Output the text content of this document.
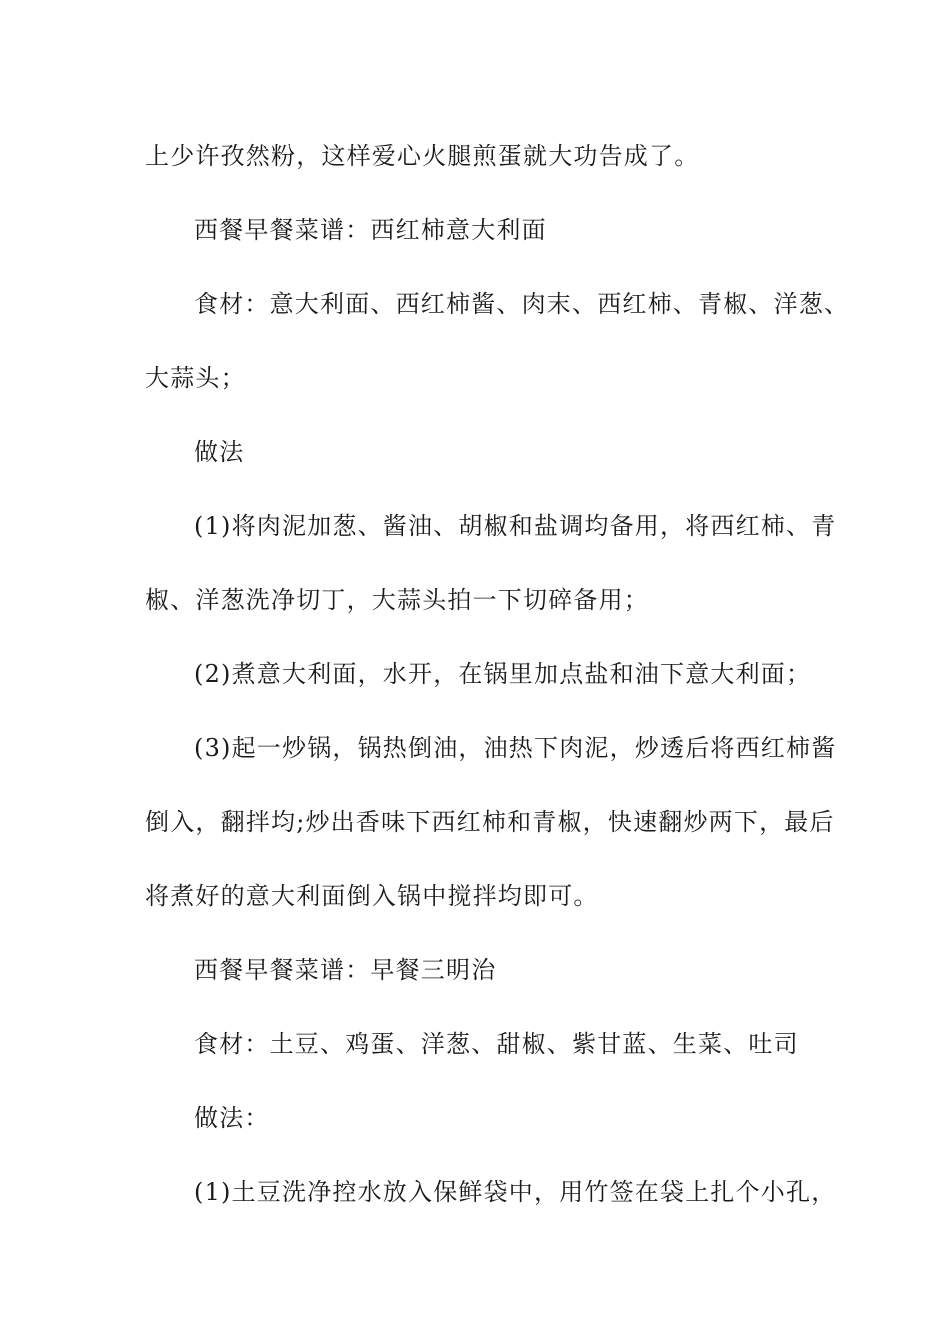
上少许孜然粉，这样爱心火腿煎蛋就大功告成了。
西餐早餐菜谱：西红柿意大利面
食材：意大利面、西红柿酱、肉末、西红柿、青椒、洋葱、
大蒜头；
做法
(1)将肉泥加葱、酱油、胡椒和盐调均备用，将西红柿、青
椒、洋葱洗净切丁，大蒜头拍一下切碎备用；
(2)煮意大利面，水开，在锅里加点盐和油下意大利面；
(3)起一炒锅，锅热倒油，油热下肉泥，炒透后将西红柿酱
倒入，翻拌均;炒出香味下西红柿和青椒，快速翻炒两下，最后
将煮好的意大利面倒入锅中搅拌均即可。
西餐早餐菜谱：早餐三明治
食材：土豆、鸡蛋、洋葱、甜椒、紫甘蓝、生菜、吐司
做法：
(1)土豆洗净控水放入保鲜袋中，用竹签在袋上扎个小孔，
